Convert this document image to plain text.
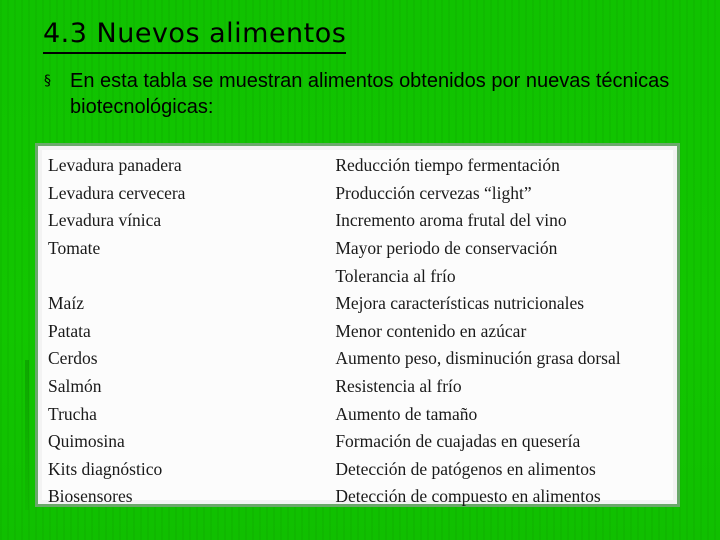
4.3 Nuevos alimentos
§ En esta tabla se muestran alimentos obtenidos por nuevas técnicas biotecnológicas:
Levadura panadera	Reducción tiempo fermentación
Levadura cervecera	Producción cervezas “light”
Levadura vínica	Incremento aroma frutal del vino
Tomate	Mayor periodo de conservación
	Tolerancia al frío
Maíz	Mejora características nutricionales
Patata	Menor contenido en azúcar
Cerdos	Aumento peso, disminución grasa dorsal
Salmón	Resistencia al frío
Trucha	Aumento de tamaño
Quimosina	Formación de cuajadas en quesería
Kits diagnóstico	Detección de patógenos en alimentos
Biosensores	Detección de compuesto en alimentos
